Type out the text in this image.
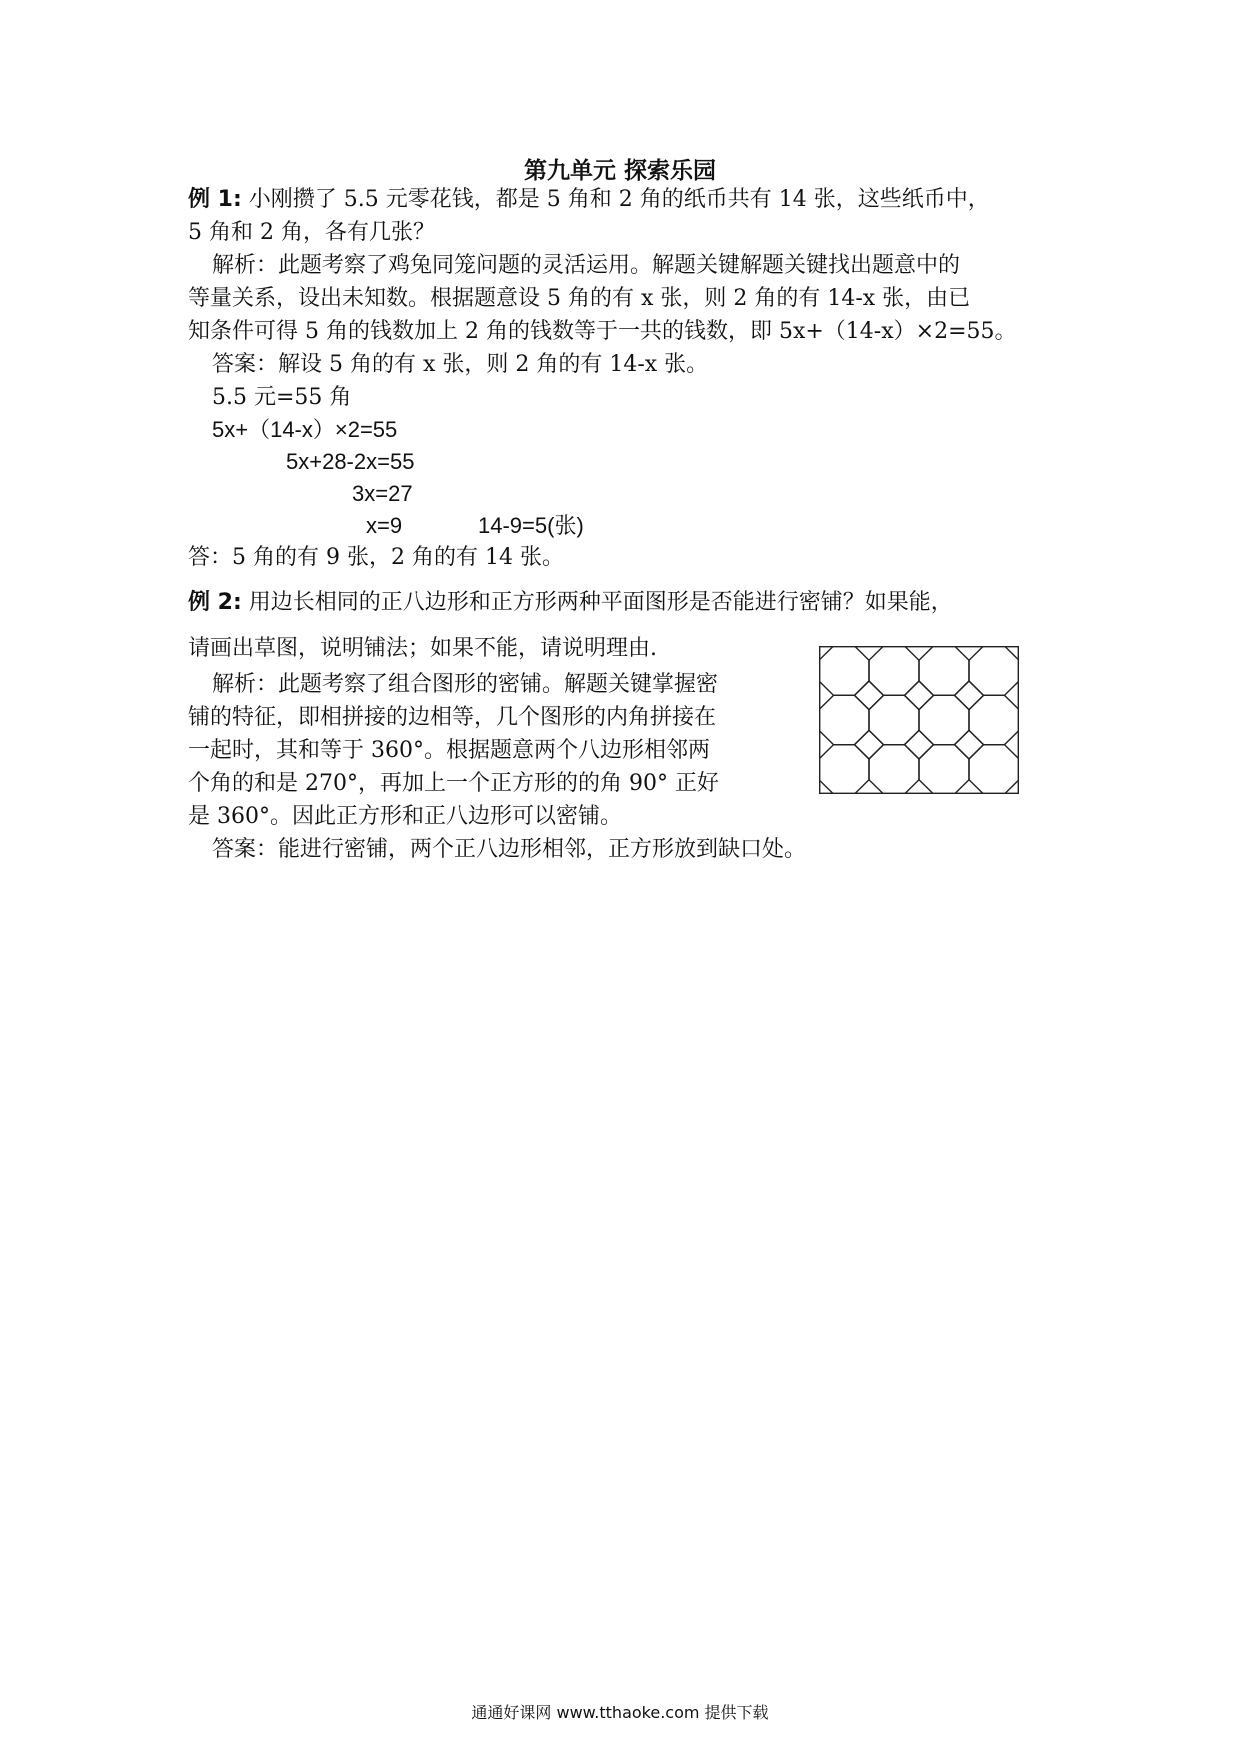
第九单元 探索乐园
例 1: 小刚攒了 5.5 元零花钱，都是 5 角和 2 角的纸币共有 14 张，这些纸币中，
5 角和 2 角，各有几张？
解析：此题考察了鸡兔同笼问题的灵活运用。解题关键解题关键找出题意中的
等量关系，设出未知数。根据题意设 5 角的有 x 张，则 2 角的有 14-x 张，由已
知条件可得 5 角的钱数加上 2 角的钱数等于一共的钱数，即 5x+（14-x）×2=55。
答案：解设 5 角的有 x 张，则 2 角的有 14-x 张。
5.5 元=55 角
5x+（14-x）×2=55
5x+28-2x=55
3x=27
x=9	14-9=5(张)
答：5 角的有 9 张，2 角的有 14 张。
例 2: 用边长相同的正八边形和正方形两种平面图形是否能进行密铺？如果能，
请画出草图，说明铺法；如果不能，请说明理由.
解析：此题考察了组合图形的密铺。解题关键掌握密
铺的特征，即相拼接的边相等，几个图形的内角拼接在
一起时，其和等于 360°。根据题意两个八边形相邻两
个角的和是 270°，再加上一个正方形的的角 90° 正好
是 360°。因此正方形和正八边形可以密铺。
答案：能进行密铺，两个正八边形相邻，正方形放到缺口处。
通通好课网 www.tthaoke.com 提供下载
